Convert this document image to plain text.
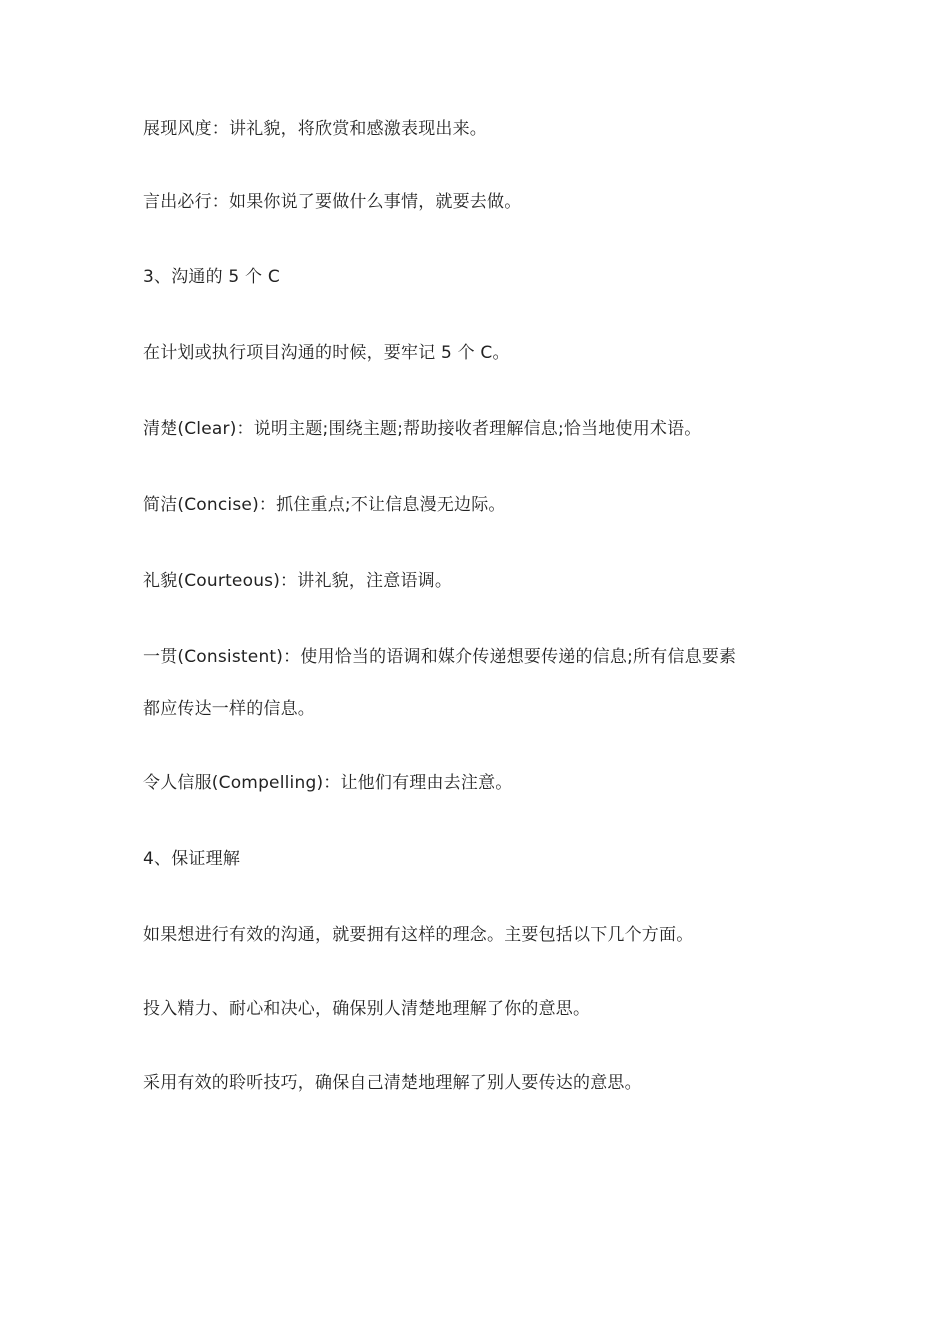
展现风度：讲礼貌，将欣赏和感激表现出来。
言出必行：如果你说了要做什么事情，就要去做。
3、沟通的 5 个 C
在计划或执行项目沟通的时候，要牢记 5 个 C。
清楚(Clear)：说明主题;围绕主题;帮助接收者理解信息;恰当地使用术语。
简洁(Concise)：抓住重点;不让信息漫无边际。
礼貌(Courteous)：讲礼貌，注意语调。
一贯(Consistent)：使用恰当的语调和媒介传递想要传递的信息;所有信息要素
都应传达一样的信息。
令人信服(Compelling)：让他们有理由去注意。
4、保证理解
如果想进行有效的沟通，就要拥有这样的理念。主要包括以下几个方面。
投入精力、耐心和决心，确保别人清楚地理解了你的意思。
采用有效的聆听技巧，确保自己清楚地理解了别人要传达的意思。
